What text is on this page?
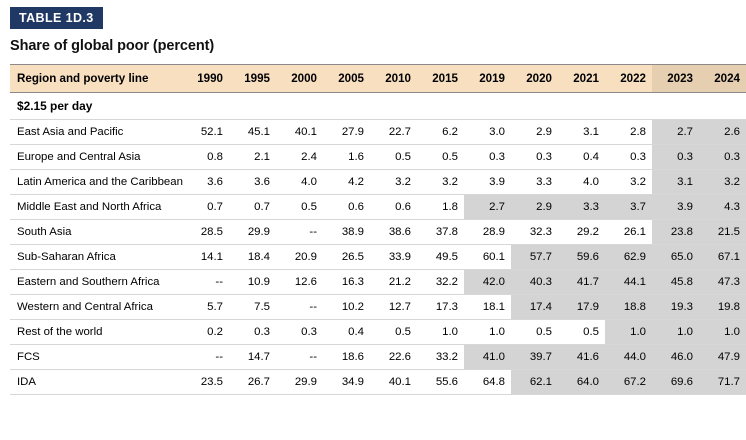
TABLE 1D.3
Share of global poor (percent)
Region and poverty line	1990	1995	2000	2005	2010	2015	2019	2020	2021	2022	2023	2024
$2.15 per day												
East Asia and Pacific	52.1	45.1	40.1	27.9	22.7	6.2	3.0	2.9	3.1	2.8	2.7	2.6
Europe and Central Asia	0.8	2.1	2.4	1.6	0.5	0.5	0.3	0.3	0.4	0.3	0.3	0.3
Latin America and the Caribbean	3.6	3.6	4.0	4.2	3.2	3.2	3.9	3.3	4.0	3.2	3.1	3.2
Middle East and North Africa	0.7	0.7	0.5	0.6	0.6	1.8	2.7	2.9	3.3	3.7	3.9	4.3
South Asia	28.5	29.9	--	38.9	38.6	37.8	28.9	32.3	29.2	26.1	23.8	21.5
Sub-Saharan Africa	14.1	18.4	20.9	26.5	33.9	49.5	60.1	57.7	59.6	62.9	65.0	67.1
Eastern and Southern Africa	--	10.9	12.6	16.3	21.2	32.2	42.0	40.3	41.7	44.1	45.8	47.3
Western and Central Africa	5.7	7.5	--	10.2	12.7	17.3	18.1	17.4	17.9	18.8	19.3	19.8
Rest of the world	0.2	0.3	0.3	0.4	0.5	1.0	1.0	0.5	0.5	1.0	1.0	1.0
FCS	--	14.7	--	18.6	22.6	33.2	41.0	39.7	41.6	44.0	46.0	47.9
IDA	23.5	26.7	29.9	34.9	40.1	55.6	64.8	62.1	64.0	67.2	69.6	71.7
